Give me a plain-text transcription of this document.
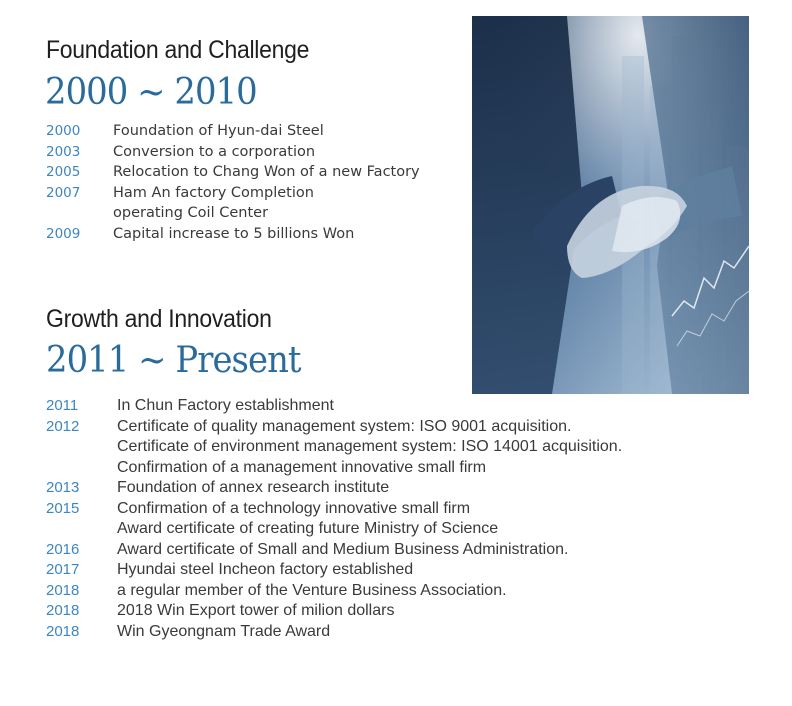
Foundation and Challenge
2000 ~ 2010
2000	Foundation of Hyun-dai Steel
2003	Conversion to a corporation
2005	Relocation to Chang Won of a new Factory
2007	Ham An factory Completion
operating Coil Center
2009	Capital increase to 5 billions Won
Growth and Innovation
2011 ~ Present
2011	In Chun Factory establishment
2012	Certificate of quality management system: ISO 9001 acquisition.
Certificate of environment management system: ISO 14001 acquisition.
Confirmation of a management innovative small firm
2013	Foundation of annex research institute
2015	Confirmation of a technology innovative small firm
Award certificate of creating future Ministry of Science
2016	Award certificate of Small and Medium Business Administration.
2017	Hyundai steel Incheon factory established
2018	a regular member of the Venture Business Association.
2018	2018 Win Export tower of milion dollars
2018	Win Gyeongnam Trade Award
